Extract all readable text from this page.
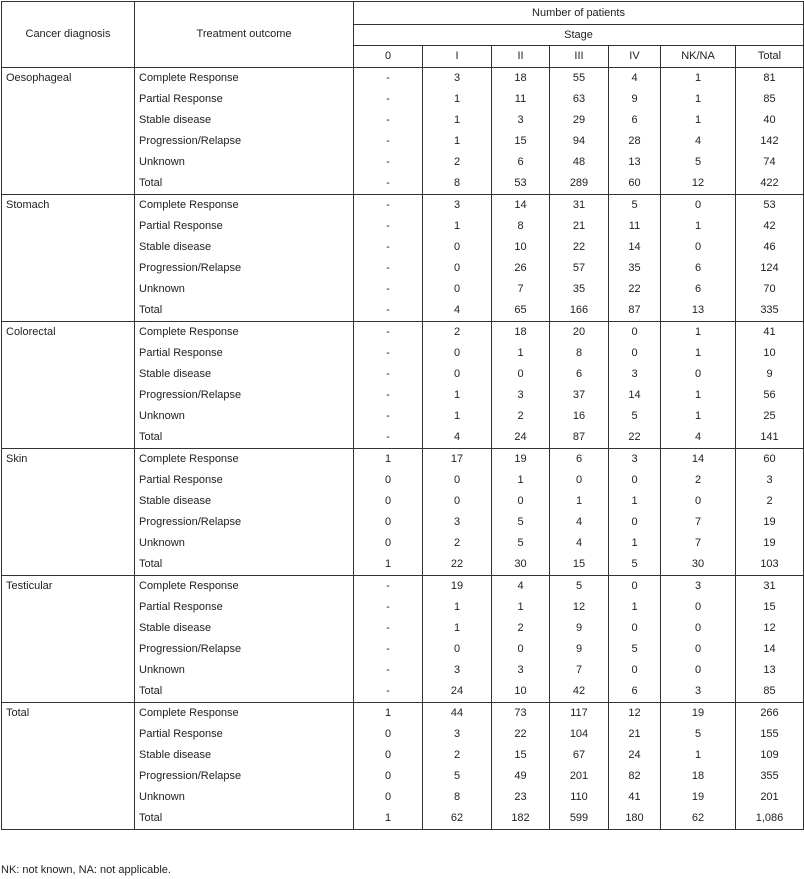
Cancer diagnosis	Treatment outcome	Number of patients						
		Stage						
		0	I	II	III	IV	NK/NA	Total
Oesophageal	Complete Response	-	3	18	55	4	1	81
	Partial Response	-	1	11	63	9	1	85
	Stable disease	-	1	3	29	6	1	40
	Progression/Relapse	-	1	15	94	28	4	142
	Unknown	-	2	6	48	13	5	74
	Total	-	8	53	289	60	12	422
Stomach	Complete Response	-	3	14	31	5	0	53
	Partial Response	-	1	8	21	11	1	42
	Stable disease	-	0	10	22	14	0	46
	Progression/Relapse	-	0	26	57	35	6	124
	Unknown	-	0	7	35	22	6	70
	Total	-	4	65	166	87	13	335
Colorectal	Complete Response	-	2	18	20	0	1	41
	Partial Response	-	0	1	8	0	1	10
	Stable disease	-	0	0	6	3	0	9
	Progression/Relapse	-	1	3	37	14	1	56
	Unknown	-	1	2	16	5	1	25
	Total	-	4	24	87	22	4	141
Skin	Complete Response	1	17	19	6	3	14	60
	Partial Response	0	0	1	0	0	2	3
	Stable disease	0	0	0	1	1	0	2
	Progression/Relapse	0	3	5	4	0	7	19
	Unknown	0	2	5	4	1	7	19
	Total	1	22	30	15	5	30	103
Testicular	Complete Response	-	19	4	5	0	3	31
	Partial Response	-	1	1	12	1	0	15
	Stable disease	-	1	2	9	0	0	12
	Progression/Relapse	-	0	0	9	5	0	14
	Unknown	-	3	3	7	0	0	13
	Total	-	24	10	42	6	3	85
Total	Complete Response	1	44	73	117	12	19	266
	Partial Response	0	3	22	104	21	5	155
	Stable disease	0	2	15	67	24	1	109
	Progression/Relapse	0	5	49	201	82	18	355
	Unknown	0	8	23	110	41	19	201
	Total	1	62	182	599	180	62	1,086
NK: not known, NA: not applicable.
